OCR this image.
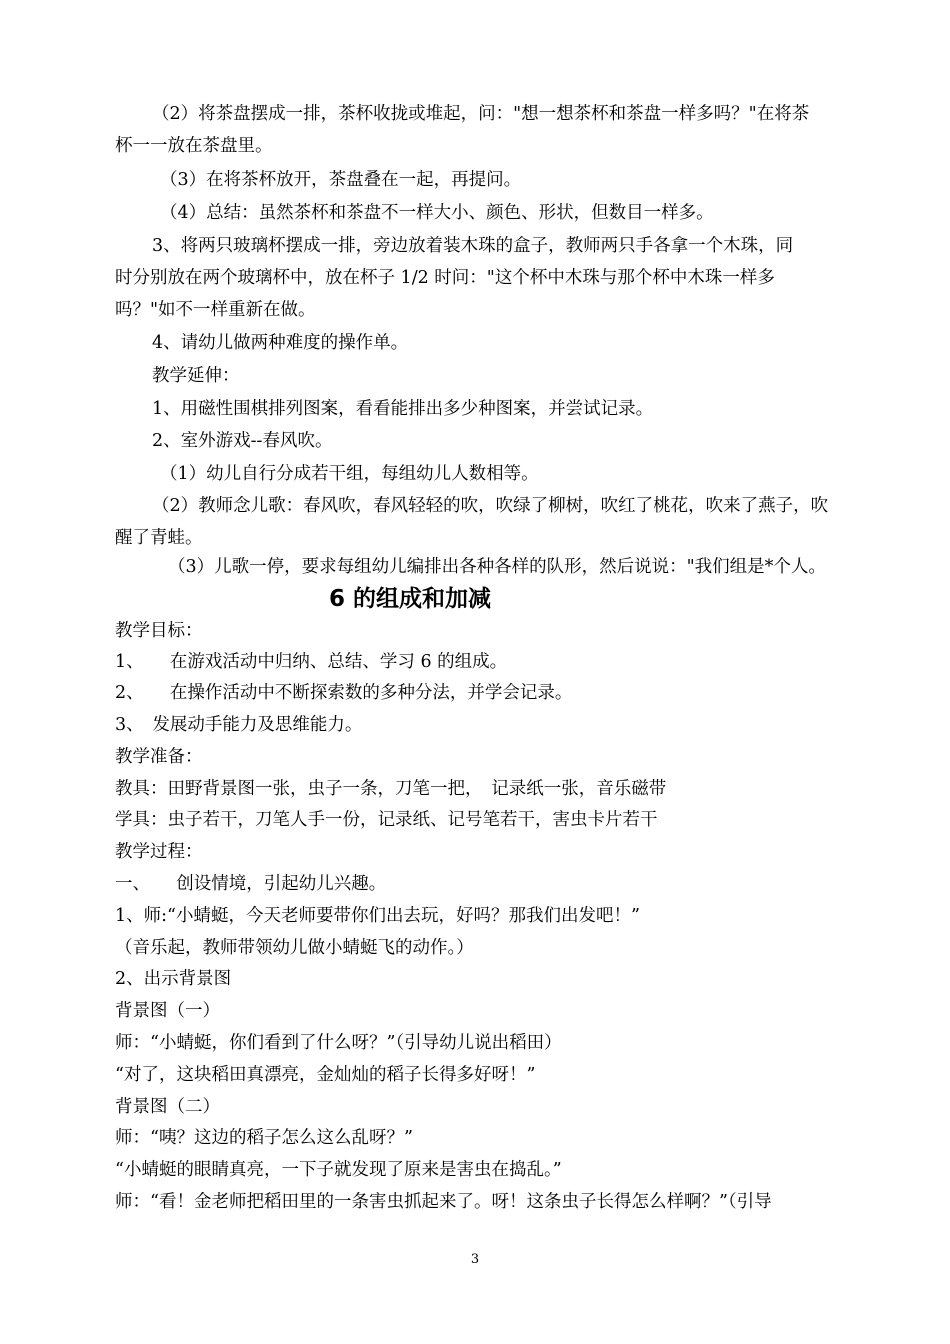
（2）将茶盘摆成一排，茶杯收拢或堆起，问："想一想茶杯和茶盘一样多吗？"在将茶
杯一一放在茶盘里。
（3）在将茶杯放开，茶盘叠在一起，再提问。
（4）总结：虽然茶杯和茶盘不一样大小、颜色、形状，但数目一样多。
3、将两只玻璃杯摆成一排，旁边放着装木珠的盒子，教师两只手各拿一个木珠，同
时分别放在两个玻璃杯中，放在杯子 1/2 时问："这个杯中木珠与那个杯中木珠一样多
吗？"如不一样重新在做。
4、请幼儿做两种难度的操作单。
教学延伸：
1、用磁性围棋排列图案，看看能排出多少种图案，并尝试记录。
2、室外游戏--春风吹。
（1）幼儿自行分成若干组，每组幼儿人数相等。
（2）教师念儿歌：春风吹，春风轻轻的吹，吹绿了柳树，吹红了桃花，吹来了燕子，吹
醒了青蛙。
（3）儿歌一停，要求每组幼儿编排出各种各样的队形，然后说说："我们组是*个人。
6 的组成和加减
教学目标：
1、　　在游戏活动中归纳、总结、学习 6 的组成。
2、　　在操作活动中不断探索数的多种分法，并学会记录。
3、　发展动手能力及思维能力。
教学准备：
教具：田野背景图一张，虫子一条，刀笔一把，　记录纸一张，音乐磁带
学具：虫子若干，刀笔人手一份，记录纸、记号笔若干，害虫卡片若干
教学过程：
一、　　创设情境，引起幼儿兴趣。
1、师:“小蜻蜓，今天老师要带你们出去玩，好吗？那我们出发吧！”
（音乐起，教师带领幼儿做小蜻蜓飞的动作。）
2、出示背景图
背景图（一）
师：“小蜻蜓，你们看到了什么呀？”（引导幼儿说出稻田）
“对了，这块稻田真漂亮，金灿灿的稻子长得多好呀！”
背景图（二）
师：“咦？这边的稻子怎么这么乱呀？”
“小蜻蜓的眼睛真亮，一下子就发现了原来是害虫在捣乱。”
师：“看！金老师把稻田里的一条害虫抓起来了。呀！这条虫子长得怎么样啊？”（引导
3
